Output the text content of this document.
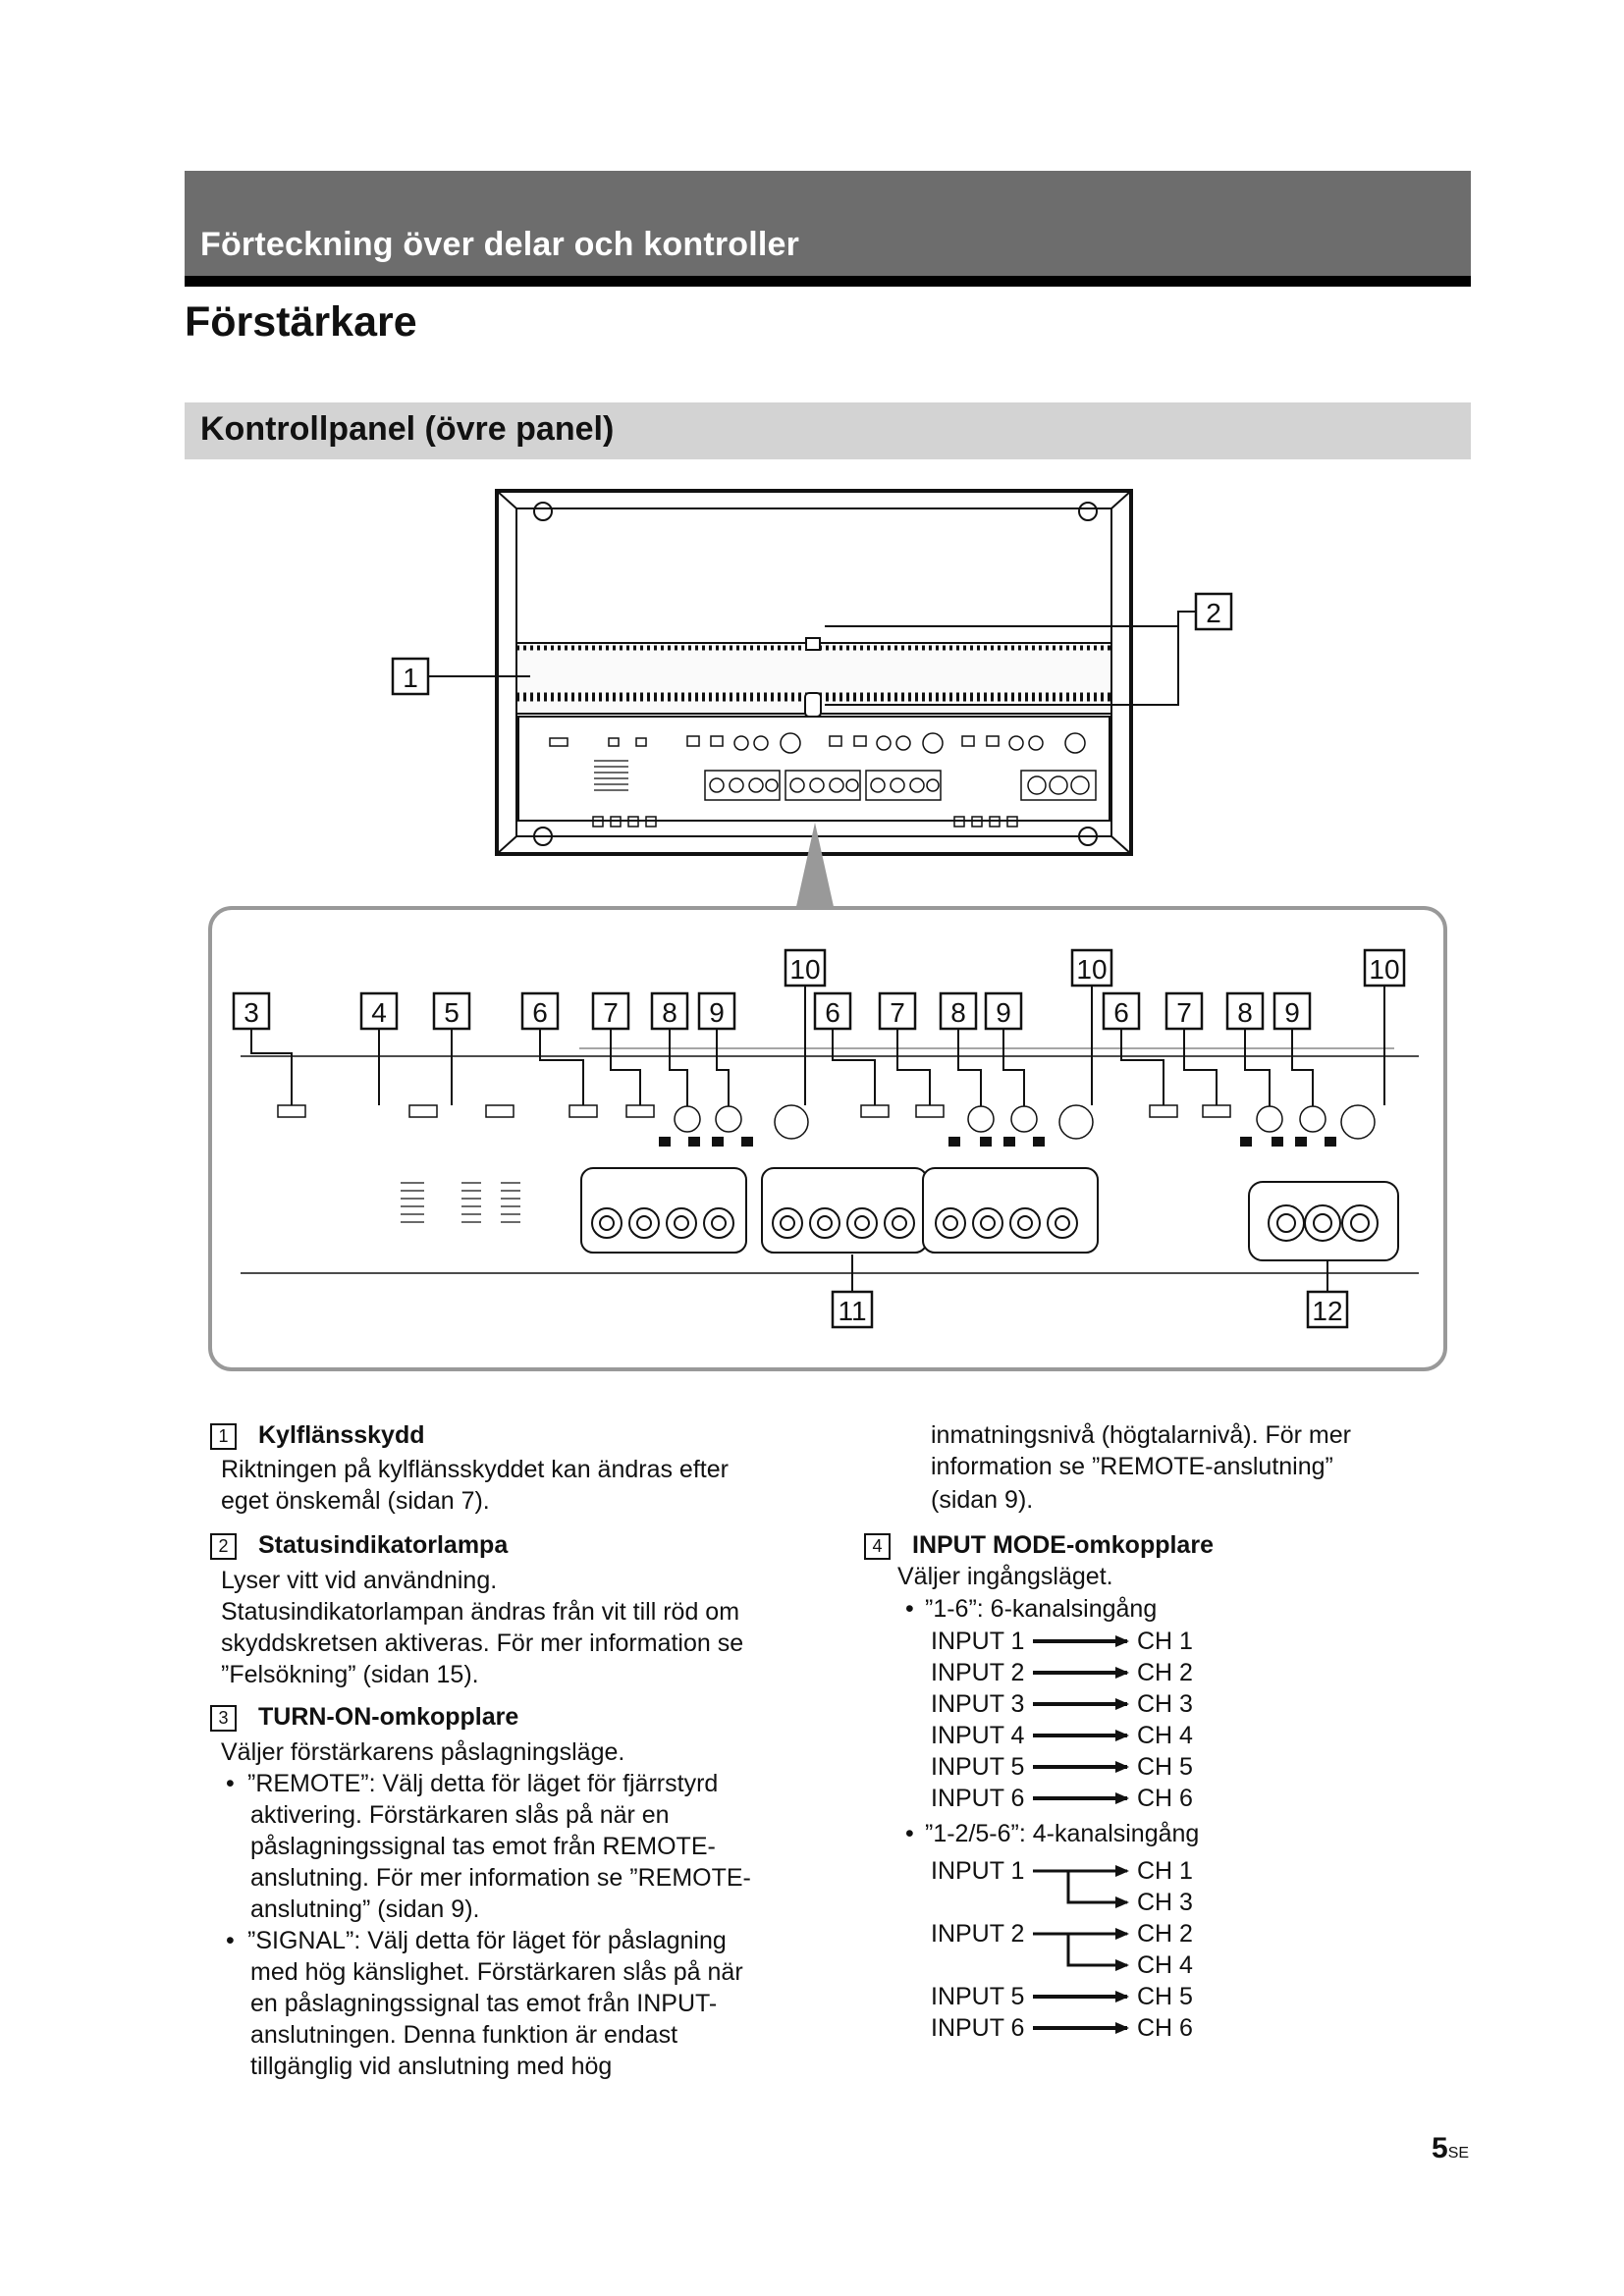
Förteckning över delar och kontroller
Förstärkare
Kontrollpanel (övre panel)
1
2
3	4 5	6 7 8 9
10
6 7 8 9
10
6 7 8 9
10
11	12
1 Kylflänsskydd
Riktningen på kylflänsskyddet kan ändras efter
eget önskemål (sidan 7).
2 Statusindikatorlampa
Lyser vitt vid användning.
Statusindikatorlampan ändras från vit till röd om
skyddskretsen aktiveras. För mer information se
”Felsökning” (sidan 15).
3 TURN-ON-omkopplare
Väljer förstärkarens påslagningsläge.
• ”REMOTE”: Välj detta för läget för fjärrstyrd
aktivering. Förstärkaren slås på när en
påslagningssignal tas emot från REMOTE-
anslutning. För mer information se ”REMOTE-
anslutning” (sidan 9).
• ”SIGNAL”: Välj detta för läget för påslagning
med hög känslighet. Förstärkaren slås på när
en påslagningssignal tas emot från INPUT-
anslutningen. Denna funktion är endast
tillgänglig vid anslutning med hög
inmatningsnivå (högtalarnivå). För mer
information se ”REMOTE-anslutning”
(sidan 9).
4 INPUT MODE-omkopplare
Väljer ingångsläget.
• ”1-6”: 6-kanalsingång
INPUT 1	CH 1
INPUT 2	CH 2
INPUT 3	CH 3
INPUT 4	CH 4
INPUT 5	CH 5
INPUT 6	CH 6
• ”1-2/5-6”: 4-kanalsingång
INPUT 1	CH 1
CH 3
INPUT 2	CH 2
CH 4
INPUT 5	CH 5
INPUT 6	CH 6
5SE
